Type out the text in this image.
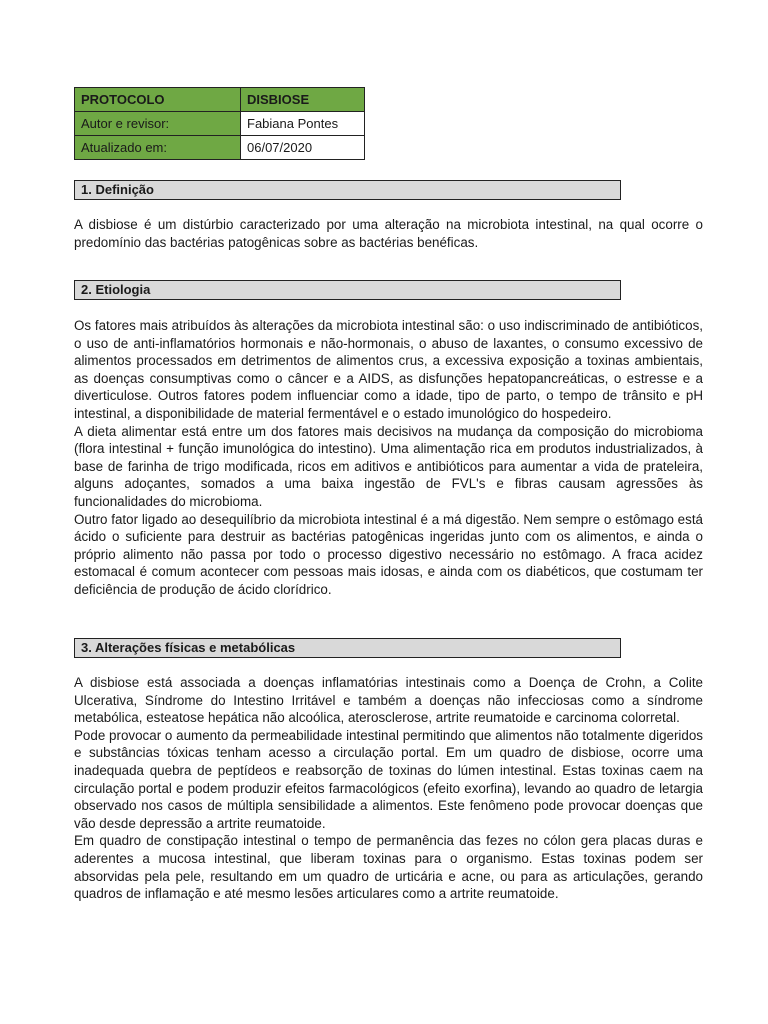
PROTOCOLO	DISBIOSE
Autor e revisor:	Fabiana Pontes
Atualizado em:	06/07/2020
1. Definição

A disbiose é um distúrbio caracterizado por uma alteração na microbiota intestinal, na qual ocorre o predomínio das bactérias patogênicas sobre as bactérias benéficas.

2. Etiologia

Os fatores mais atribuídos às alterações da microbiota intestinal são: o uso indiscriminado de antibióticos, o uso de anti-inflamatórios hormonais e não-hormonais, o abuso de laxantes, o consumo excessivo de alimentos processados em detrimentos de alimentos crus, a excessiva exposição a toxinas ambientais, as doenças consumptivas como o câncer e a AIDS, as disfunções hepatopancreáticas, o estresse e a diverticulose. Outros fatores podem influenciar como a idade, tipo de parto, o tempo de trânsito e pH intestinal, a disponibilidade de material fermentável e o estado imunológico do hospedeiro.

A dieta alimentar está entre um dos fatores mais decisivos na mudança da composição do microbioma (flora intestinal + função imunológica do intestino). Uma alimentação rica em produtos industrializados, à base de farinha de trigo modificada, ricos em aditivos e antibióticos para aumentar a vida de prateleira, alguns adoçantes, somados a uma baixa ingestão de FVL's e fibras causam agressões às funcionalidades do microbioma.

Outro fator ligado ao desequilíbrio da microbiota intestinal é a má digestão. Nem sempre o estômago está ácido o suficiente para destruir as bactérias patogênicas ingeridas junto com os alimentos, e ainda o próprio alimento não passa por todo o processo digestivo necessário no estômago. A fraca acidez estomacal é comum acontecer com pessoas mais idosas, e ainda com os diabéticos, que costumam ter deficiência de produção de ácido clorídrico.

3. Alterações físicas e metabólicas

A disbiose está associada a doenças inflamatórias intestinais como a Doença de Crohn, a Colite Ulcerativa, Síndrome do Intestino Irritável e também a doenças não infecciosas como a síndrome metabólica, esteatose hepática não alcoólica, aterosclerose, artrite reumatoide e carcinoma colorretal.

Pode provocar o aumento da permeabilidade intestinal permitindo que alimentos não totalmente digeridos e substâncias tóxicas tenham acesso a circulação portal. Em um quadro de disbiose, ocorre uma inadequada quebra de peptídeos e reabsorção de toxinas do lúmen intestinal. Estas toxinas caem na circulação portal e podem produzir efeitos farmacológicos (efeito exorfina), levando ao quadro de letargia observado nos casos de múltipla sensibilidade a alimentos. Este fenômeno pode provocar doenças que vão desde depressão a artrite reumatoide.

Em quadro de constipação intestinal o tempo de permanência das fezes no cólon gera placas duras e aderentes a mucosa intestinal, que liberam toxinas para o organismo. Estas toxinas podem ser absorvidas pela pele, resultando em um quadro de urticária e acne, ou para as articulações, gerando quadros de inflamação e até mesmo lesões articulares como a artrite reumatoide.
